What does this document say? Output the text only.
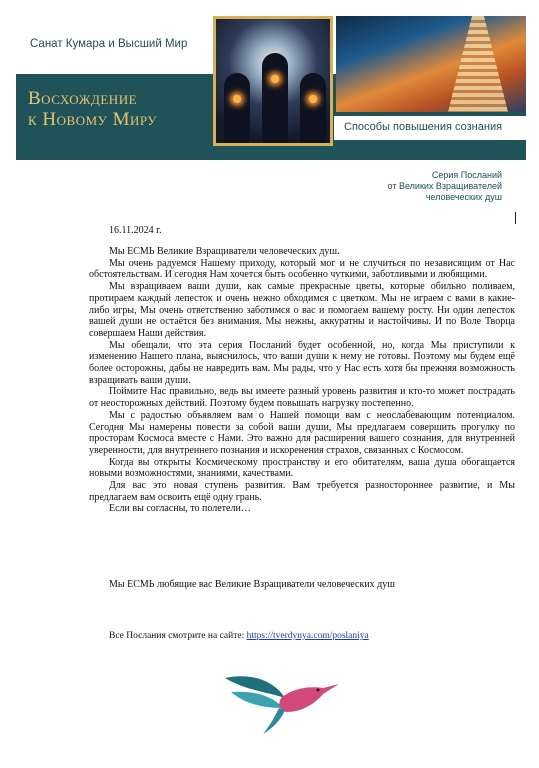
Санат Кумара и Высший Мир
Восхождение
к Новому Миру	Способы повышения сознания
Серия Посланий
от Великих Взращивателей
человеческих душ
16.11.2024 г.

Мы ЕСМЬ Великие Взращиватели человеческих душ.

Мы очень радуемся Нашему приходу, который мог и не случиться по независящим от Нас обстоятельствам. И сегодня Нам хочется быть особенно чуткими, заботливыми и любящими.

Мы взращиваем ваши души, как самые прекрасные цветы, которые обильно поливаем, протираем каждый лепесток и очень нежно обходимся с цветком. Мы не играем с вами в какие-либо игры, Мы очень ответственно заботимся о вас и помогаем вашему росту. Ни один лепесток вашей души не остаётся без внимания. Мы нежны, аккуратны и настойчивы. И по Воле Творца совершаем Наши действия.

Мы обещали, что эта серия Посланий будет особенной, но, когда Мы приступили к изменению Нашего плана, выяснилось, что ваши души к нему не готовы. Поэтому мы будем ещё более осторожны, дабы не навредить вам. Мы рады, что у Нас есть хотя бы прежняя возможность взращивать ваши души.

Поймите Нас правильно, ведь вы имеете разный уровень развития и кто-то может пострадать от неосторожных действий. Поэтому будем повышать нагрузку постепенно.

Мы с радостью объявляем вам о Нашей помощи вам с неослабевающим потенциалом. Сегодня Мы намерены повести за собой ваши души, Мы предлагаем совершить прогулку по просторам Космоса вместе с Нами. Это важно для расширения вашего сознания, для внутренней уверенности, для внутреннего познания и искоренения страхов, связанных с Космосом.

Когда вы открыты Космическому пространству и его обитателям, ваша душа обогащается новыми возможностями, знаниями, качествами.

Для вас это новая ступень развития. Вам требуется разностороннее развитие, и Мы предлагаем вам освоить ещё одну грань.

Если вы согласны, то полетели…

Мы ЕСМЬ любящие вас Великие Взращиватели человеческих душ
Все Послания смотрите на сайте: https://tverdynya.com/poslaniya
